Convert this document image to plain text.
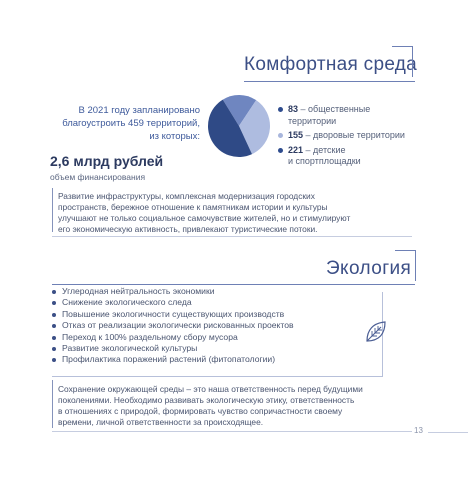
Комфортная среда
В 2021 году запланировано
благоустроить 459 территорий,
из которых:
2,6 млрд рублей
объем финансирования
83 – общественные
территории
155 – дворовые территории
221 – детские
и спортплощадки
Развитие инфраструктуры, комплексная модернизация городских
пространств, бережное отношение к памятникам истории и культуры
улучшают не только социальное самочувствие жителей, но и стимулируют
его экономическую активность, привлекают туристические потоки.
Экология
Углеродная нейтральность экономики
Снижение экологического следа
Повышение экологичности существующих производств
Отказ от реализации экологически рискованных проектов
Переход к 100% раздельному сбору мусора
Развитие экологической культуры
Профилактика поражений растений (фитопатологии)
Сохранение окружающей среды – это наша ответственность перед будущими
поколениями. Необходимо развивать экологическую этику, ответственность
в отношениях с природой, формировать чувство сопричастности своему
времени, личной ответственности за происходящее.
13
